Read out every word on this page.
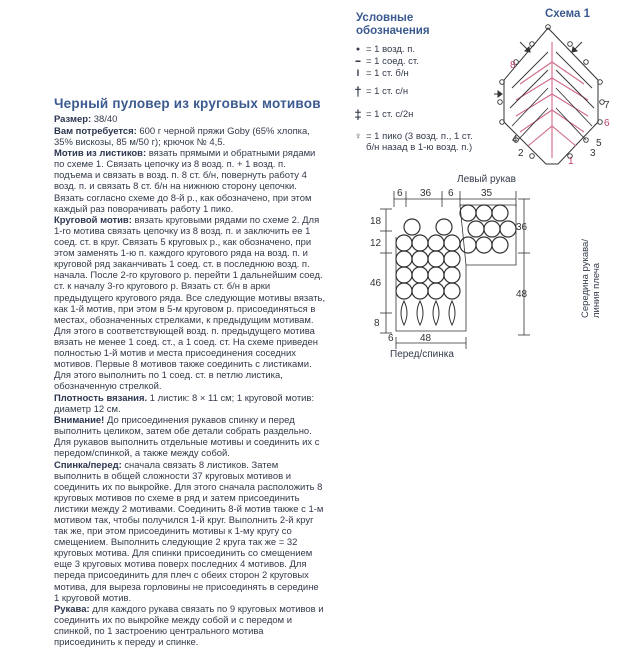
Условные
обозначения
● = 1 возд. п.
▬ = 1 соед. ст.
I = 1 ст. б/н
† = 1 ст. с/н
‡ = 1 ст. с/2н
♀ = 1 пико (3 возд. п., 1 ст.
б/н назад в 1-ю возд. п.)
Схема 1
8
7
6
5
4
3
2
1
Черный пуловер из круговых мотивов

Размер: 38/40

Вам потребуется: 600 г черной пряжи Goby (65% хлопка, 35% вискозы, 85 м/50 г); крючок № 4,5.

Мотив из листиков: вязать прямыми и обратными рядами по схеме 1. Связать цепочку из 8 возд. п. + 1 возд. п. подъема и связать в возд. п. 8 ст. б/н, повернуть работу 4 возд. п. и связать 8 ст. б/н на нижнюю сторону цепочки. Вязать согласно схеме до 8-й р., как обозначено, при этом каждый раз поворачивать работу 1 пико.

Круговой мотив: вязать круговыми рядами по схеме 2. Для 1-го мотива связать цепочку из 8 возд. п. и заключить ее 1 соед. ст. в круг. Связать 5 круговых р., как обозначено, при этом заменять 1-ю п. каждого кругового ряда на возд. п. и круговой ряд заканчивать 1 соед. ст. в последнюю возд. п. начала. После 2-го кругового р. перейти 1 дальнейшим соед. ст. к началу 3-го кругового р. Вязать ст. б/н в арки предыдущего кругового ряда. Все следующие мотивы вязать, как 1-й мотив, при этом в 5-м круговом р. присоединяться в местах, обозначенных стрелками, к предыдущим мотивам. Для этого в соответствующей возд. п. предыдущего мотива вязать не менее 1 соед. ст., а 1 соед. ст. На схеме приведен полностью 1-й мотив и места присоединения соседних мотивов. Первые 8 мотивов также соединить с листиками. Для этого выполнить по 1 соед. ст. в петлю листика, обозначенную стрелкой.

Плотность вязания. 1 листик: 8 × 11 см; 1 круговой мотив: диаметр 12 см.

Внимание! До присоединения рукавов спинку и перед выполнить целиком, затем обе детали собрать раздельно. Для рукавов выполнить отдельные мотивы и соединить их с передом/спинкой, а также между собой.

Спинка/перед: сначала связать 8 листиков. Затем выполнить в общей сложности 37 круговых мотивов и соединить их по выкройке. Для этого сначала расположить 8 круговых мотивов по схеме в ряд и затем присоединить листики между 2 мотивами. Соединить 8-й мотив также с 1-м мотивом так, чтобы получился 1-й круг. Выполнить 2-й круг так же, при этом присоединить мотивы к 1-му кругу со смещением. Выполнить следующие 2 круга так же = 32 круговых мотива. Для спинки присоединить со смещением еще 3 круговых мотива поверх последних 4 мотивов. Для переда присоединить для плеч с обеих сторон 2 круговых мотива, для выреза горловины не присоединять в середине 1 круговой мотив.

Рукава: для каждого рукава связать по 9 круговых мотивов и соединить их по выкройке между собой и с передом и спинкой, по 1 застроению центрального мотива присоединить к переду и спинке.

Левый рукав
Перед/спинка
6 36 6	35
18
12
46
8
36
48
6	48
Середина рукава/ линия плеча
